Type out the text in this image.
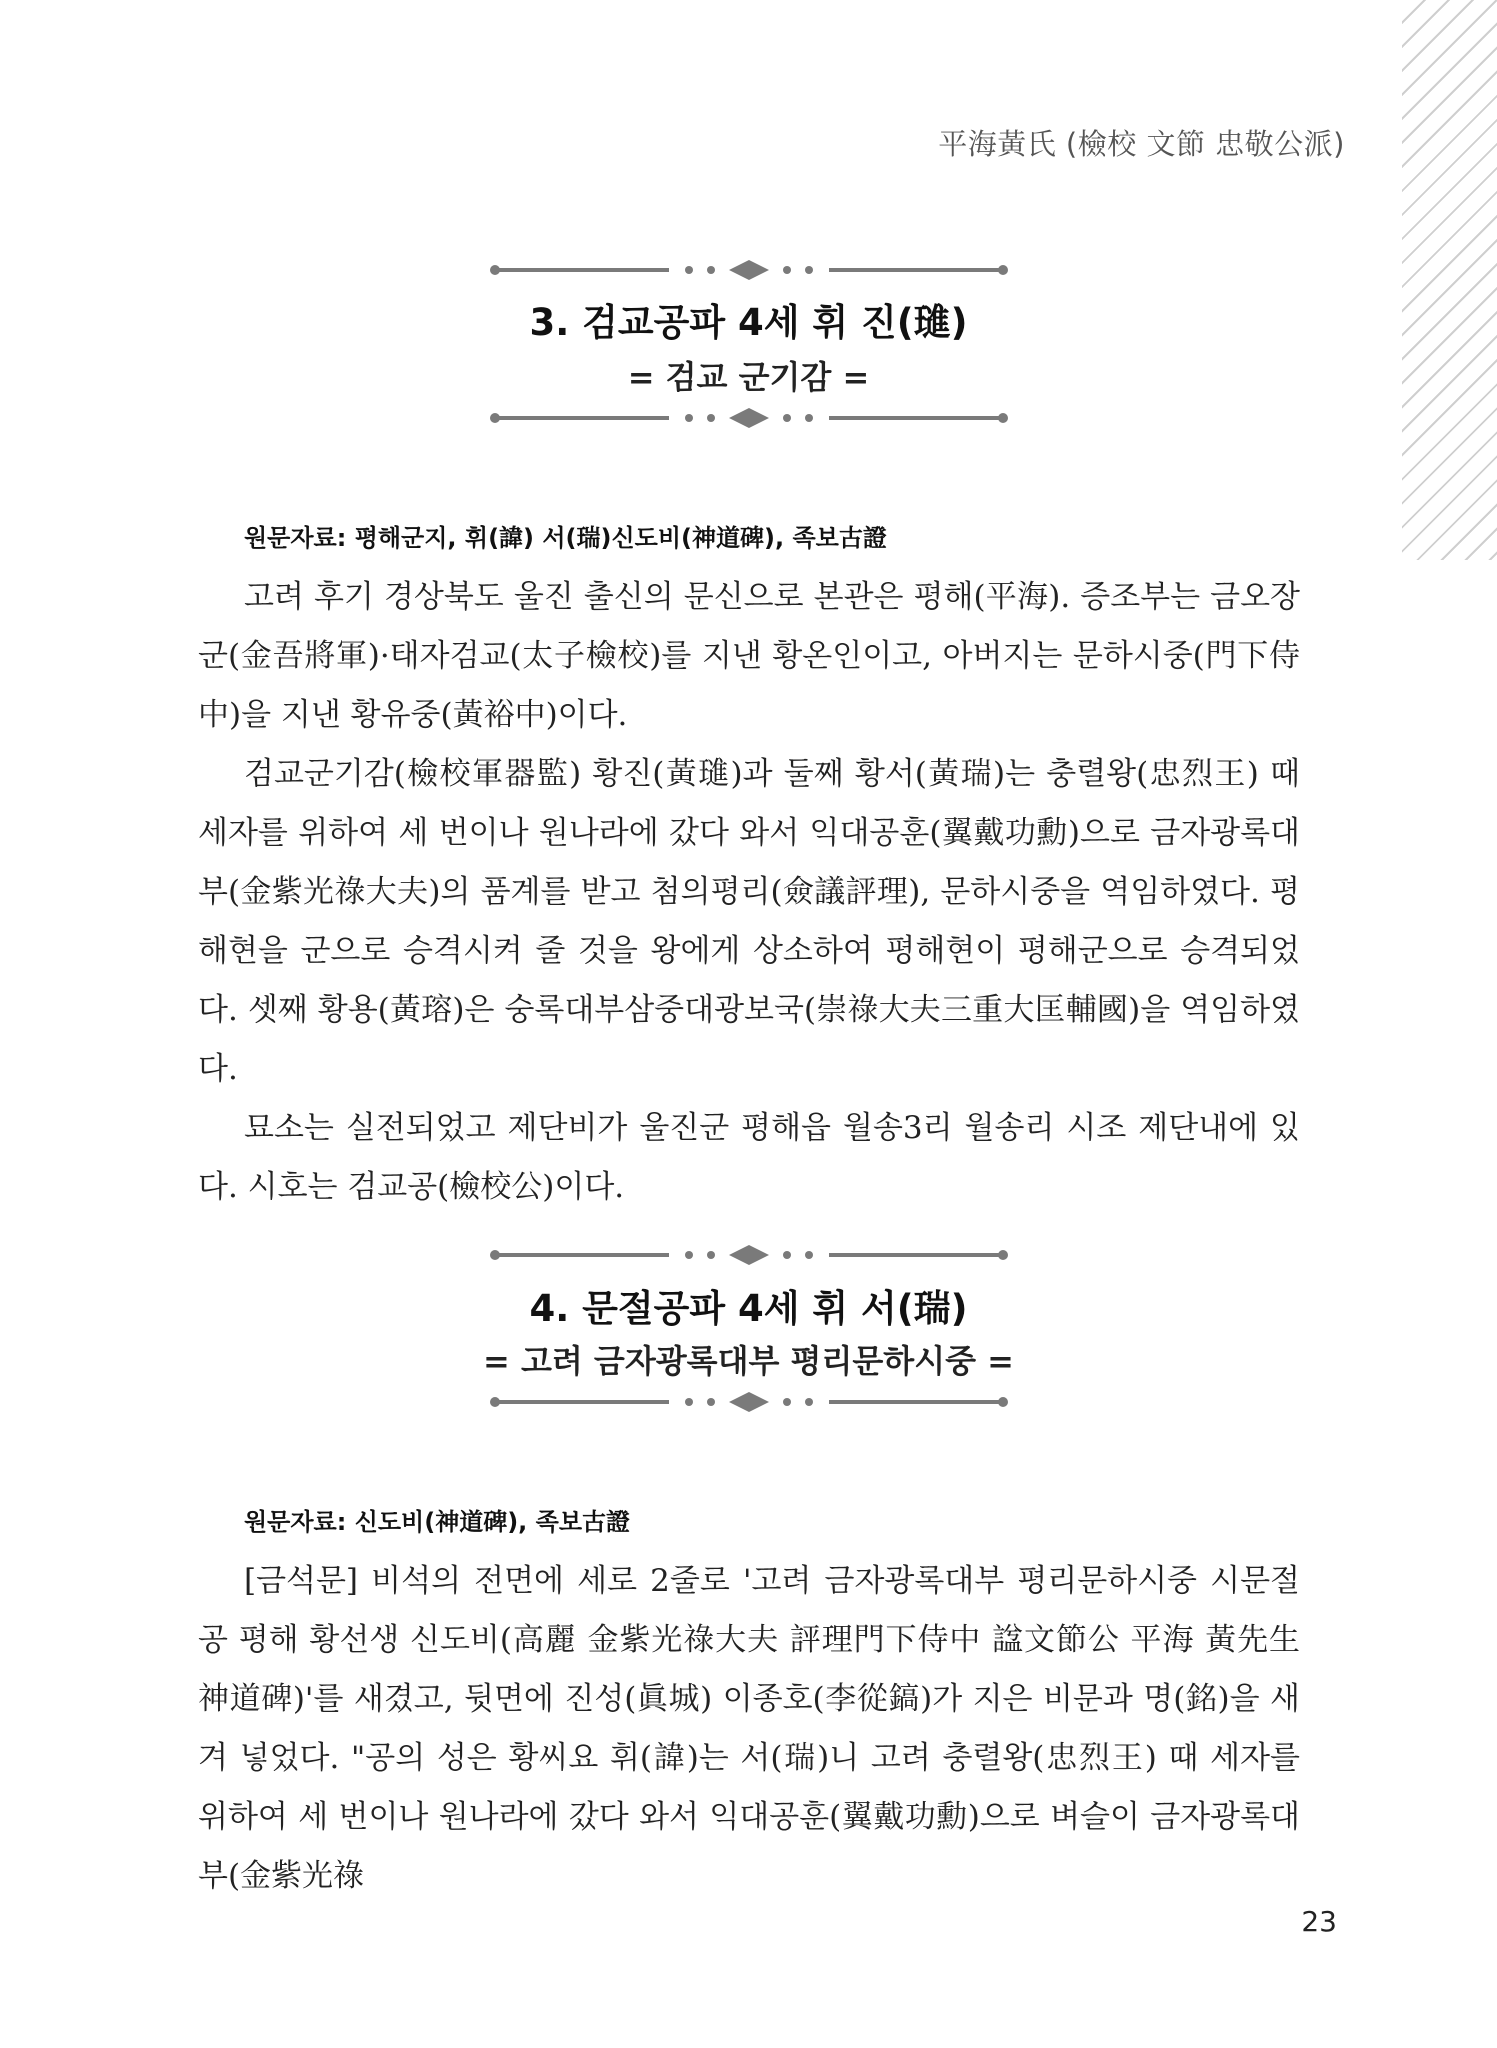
平海黃氏 (檢校 文節 忠敬公派)
3. 검교공파 4세 휘 진(璡)
= 검교 군기감 =
원문자료: 평해군지, 휘(諱) 서(瑞)신도비(神道碑), 족보古證

고려 후기 경상북도 울진 출신의 문신으로 본관은 평해(平海). 증조부는 금오장군(金吾將軍)·태자검교(太子檢校)를 지낸 황온인이고, 아버지는 문하시중(門下侍中)을 지낸 황유중(黃裕中)이다.

검교군기감(檢校軍器監) 황진(黃璡)과 둘째 황서(黃瑞)는 충렬왕(忠烈王) 때 세자를 위하여 세 번이나 원나라에 갔다 와서 익대공훈(翼戴功勳)으로 금자광록대부(金紫光祿大夫)의 품계를 받고 첨의평리(僉議評理), 문하시중을 역임하였다. 평해현을 군으로 승격시켜 줄 것을 왕에게 상소하여 평해현이 평해군으로 승격되었다. 셋째 황용(黃瑢)은 숭록대부삼중대광보국(崇祿大夫三重大匡輔國)을 역임하였다.

묘소는 실전되었고 제단비가 울진군 평해읍 월송3리 월송리 시조 제단내에 있다. 시호는 검교공(檢校公)이다.

4. 문절공파 4세 휘 서(瑞)
= 고려 금자광록대부 평리문하시중 =
원문자료: 신도비(神道碑), 족보古證

[금석문] 비석의 전면에 세로 2줄로 '고려 금자광록대부 평리문하시중 시문절공 평해 황선생 신도비(高麗 金紫光祿大夫 評理門下侍中 諡文節公 平海 黃先生 神道碑)'를 새겼고, 뒷면에 진성(眞城) 이종호(李從鎬)가 지은 비문과 명(銘)을 새겨 넣었다. "공의 성은 황씨요 휘(諱)는 서(瑞)니 고려 충렬왕(忠烈王) 때 세자를 위하여 세 번이나 원나라에 갔다 와서 익대공훈(翼戴功勳)으로 벼슬이 금자광록대부(金紫光祿

23
